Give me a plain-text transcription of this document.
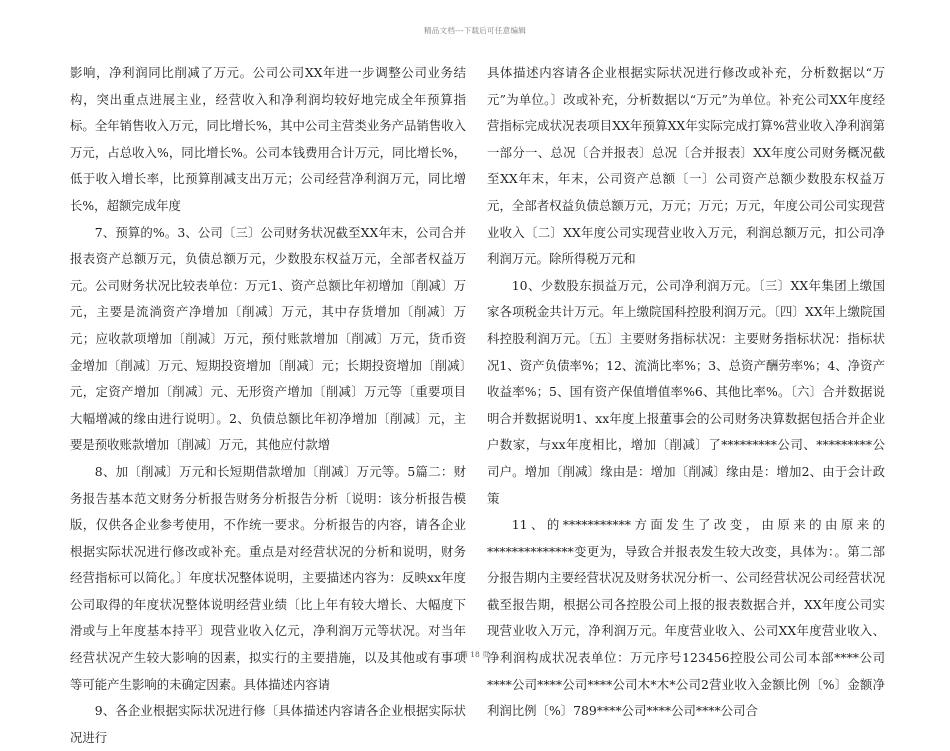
精品文档---下载后可任意编辑

影响，净利润同比削减了万元。公司公司XX年进一步调整公司业务结构，突出重点进展主业，经营收入和净利润均较好地完成全年预算指标。全年销售收入万元，同比增长%，其中公司主营类业务产品销售收入万元，占总收入%，同比增长%。公司本钱费用合计万元，同比增长%，低于收入增长率，比预算削减支出万元；公司经营净利润万元，同比增长%，超额完成年度

7、预算的%。3、公司〔三〕公司财务状况截至XX年末，公司合并报表资产总额万元，负债总额万元，少数股东权益万元，全部者权益万元。公司财务状况比较表单位：万元1、资产总额比年初增加〔削减〕万元，主要是流淌资产净增加〔削减〕万元，其中存货增加〔削减〕万元；应收款项增加〔削减〕万元，预付账款增加〔削减〕万元，货币资金增加〔削减〕万元、短期投资增加〔削减〕元；长期投资增加〔削减〕元，定资产增加〔削减〕元、无形资产增加〔削减〕万元等〔重要项目大幅增减的缘由进行说明〕。2、负债总额比年初净增加〔削减〕元，主要是预收账款增加〔削减〕万元，其他应付款增

8、加〔削减〕万元和长短期借款增加〔削减〕万元等。5篇二：财务报告基本范文财务分析报告财务分析报告分析〔说明：该分析报告模版，仅供各企业参考使用，不作统一要求。分析报告的内容，请各企业根据实际状况进行修改或补充。重点是对经营状况的分析和说明，财务经营指标可以简化。〕年度状况整体说明，主要描述内容为：反映xx年度公司取得的年度状况整体说明经营业绩〔比上年有较大增长、大幅度下滑或与上年度基本持平〕现营业收入亿元，净利润万元等状况。对当年经营状况产生较大影响的因素，拟实行的主要措施，以及其他或有事项等可能产生影响的未确定因素。具体描述内容请

9、各企业根据实际状况进行修〔具体描述内容请各企业根据实际状况进行

具体描述内容请各企业根据实际状况进行修改或补充，分析数据以“万元”为单位。〕改或补充，分析数据以“万元”为单位。补充公司XX年度经营指标完成状况表项目XX年预算XX年实际完成打算%营业收入净利润第一部分一、总况〔合并报表〕总况〔合并报表〕XX年度公司财务概况截至XX年末，年末，公司资产总额〔一〕公司资产总额少数股东权益万元，全部者权益负债总额万元，万元；万元；万元，年度公司公司实现营业收入〔二〕XX年度公司实现营业收入万元，利润总额万元，扣公司净利润万元。除所得税万元和

10、少数股东损益万元，公司净利润万元。〔三〕XX年集团上缴国家各项税金共计万元。年上缴院国科控股利润万元。〔四〕XX年上缴院国科控股利润万元。〔五〕主要财务指标状况：主要财务指标状况：指标状况1、资产负债率%；12、流淌比率%；3、总资产酬劳率%；4、净资产收益率%；5、国有资产保值增值率%6、其他比率%。〔六〕合并数据说明合并数据说明1、xx年度上报董事会的公司财务决算数据包括合并企业户数家，与xx年度相比，增加〔削减〕了*********公司、*********公司户。增加〔削减〕缘由是：增加〔削减〕缘由是：增加2、由于会计政策

11、的***********方面发生了改变，由原来的由原来的**************变更为，导致合并报表发生较大改变，具体为：。第二部分报告期内主要经营状况及财务状况分析一、公司经营状况公司经营状况截至报告期，根据公司各控股公司上报的报表数据合并，XX年度公司实现营业收入万元，净利润万元。年度营业收入、公司XX年度营业收入、净利润构成状况表单位：万元序号123456控股公司公司本部****公司****公司****公司****公司木*木*公司2营业收入金额比例〔%〕金额净利润比例〔%〕789****公司****公司****公司合

第 18 页
